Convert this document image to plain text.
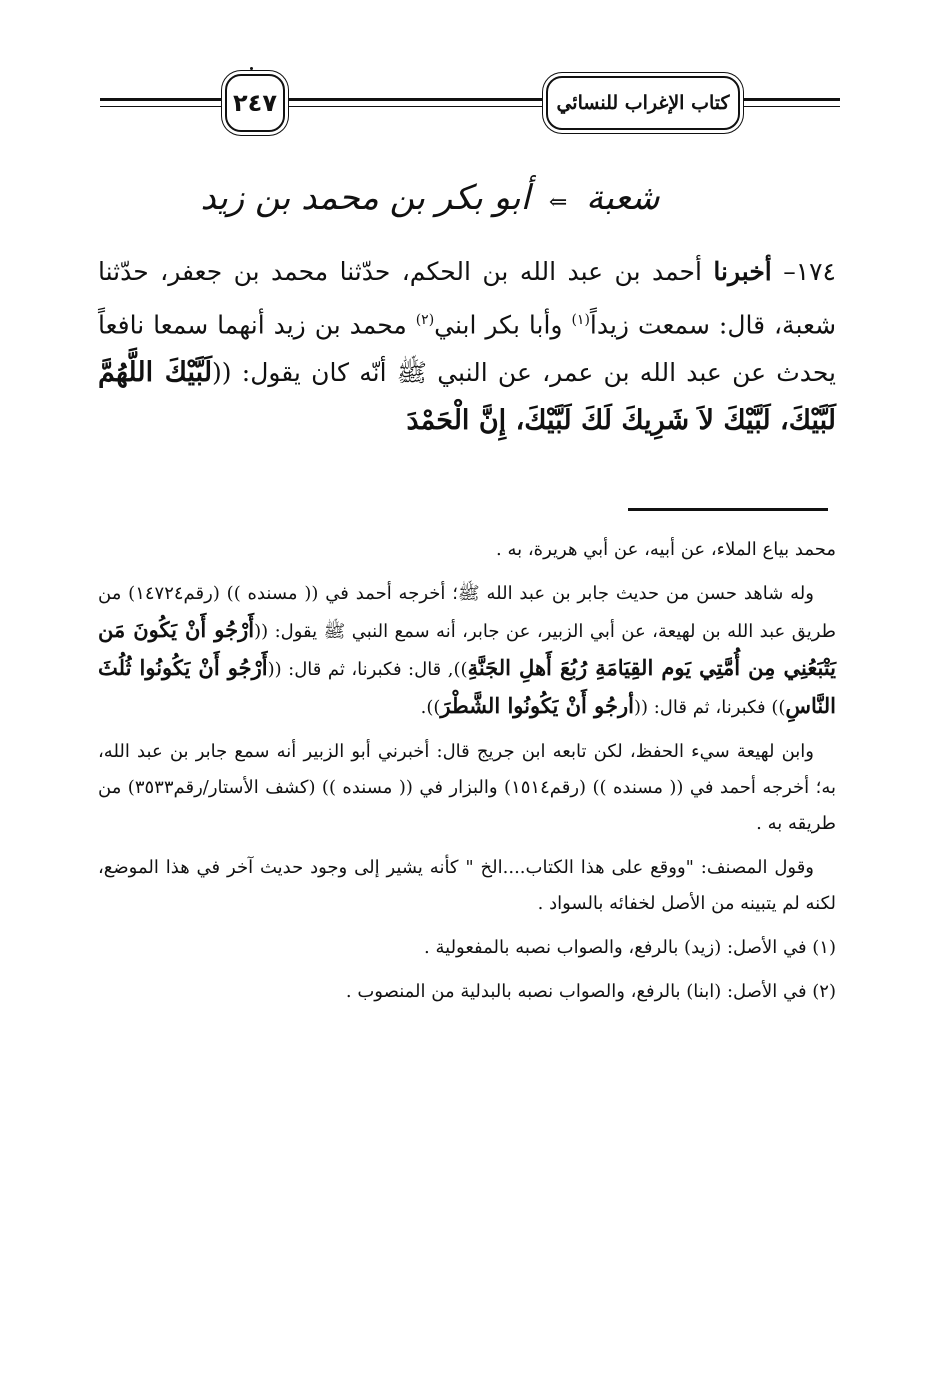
٢٤٧	كتاب الإغراب للنسائي
شعبة ⇐ أبو بكر بن محمد بن زيد

١٧٤– أخبرنا أحمد بن عبد الله بن الحكم، حدّثنا محمد بن جعفر، حدّثنا شعبة، قال: سمعت زيداً$^{(١)}$ وأبا بكر ابني$^{(٢)}$ محمد بن زيد أنهما سمعا نافعاً يحدث عن عبد الله بن عمر، عن النبي ﷺ أنّه كان يقول: ((لَبَّيْكَ اللَّهُمَّ لَبَّيْكَ، لَبَّيْكَ لاَ شَرِيكَ لَكَ لَبَّيْكَ، إِنَّ الْحَمْدَ

محمد بياع الملاء، عن أبيه، عن أبي هريرة، به .

وله شاهد حسن من حديث جابر بن عبد الله ﷺ؛ أخرجه أحمد في (( مسنده )) (رقم١٤٧٢٤) من طريق عبد الله بن لهيعة، عن أبي الزبير، عن جابر، أنه سمع النبي ﷺ يقول: ((أَرْجُو أَنْ يَكُونَ مَن يَتْبَعُنِي مِن أُمَّتِي يَوم القِيَامَةِ رُبُعَ أَهلِ الجَنَّةِ)), قال: فكبرنا، ثم قال: ((أَرْجُو أَنْ يَكُونُوا ثُلُثَ النَّاسِ)) فكبرنا، ثم قال: ((أرجُو أَنْ يَكُونُوا الشَّطْرَ)).

وابن لهيعة سيء الحفظ، لكن تابعه ابن جريج قال: أخبرني أبو الزبير أنه سمع جابر بن عبد الله، به؛ أخرجه أحمد في (( مسنده )) (رقم١٥١٤) والبزار في (( مسنده )) (كشف الأستار/رقم٣٥٣٣) من طريقه به .

وقول المصنف: "ووقع على هذا الكتاب....الخ " كأنه يشير إلى وجود حديث آخر في هذا الموضع، لكنه لم يتبينه من الأصل لخفائه بالسواد .

(١) في الأصل: (زيد) بالرفع، والصواب نصبه بالمفعولية .

(٢) في الأصل: (ابنا) بالرفع، والصواب نصبه بالبدلية من المنصوب .
